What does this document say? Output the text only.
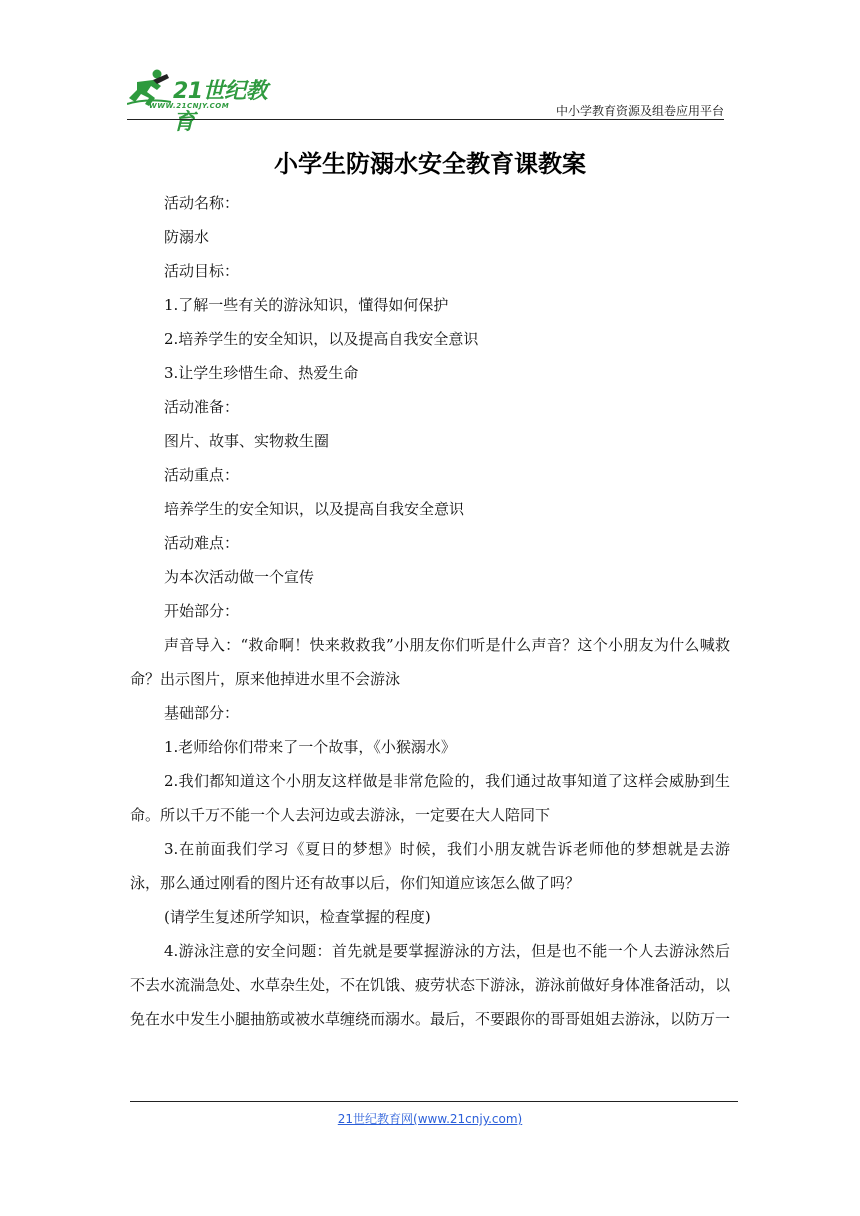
21世纪教育
WWW.21CNJY.COM	中小学教育资源及组卷应用平台
小学生防溺水安全教育课教案

活动名称：

防溺水

活动目标：

1.了解一些有关的游泳知识，懂得如何保护

2.培养学生的安全知识，以及提高自我安全意识

3.让学生珍惜生命、热爱生命

活动准备：

图片、故事、实物救生圈

活动重点：

培养学生的安全知识，以及提高自我安全意识

活动难点：

为本次活动做一个宣传

开始部分：

声音导入：“救命啊！快来救救我”小朋友你们听是什么声音？这个小朋友为什么喊救命？出示图片，原来他掉进水里不会游泳

基础部分：

1.老师给你们带来了一个故事，《小猴溺水》

2.我们都知道这个小朋友这样做是非常危险的，我们通过故事知道了这样会威胁到生命。所以千万不能一个人去河边或去游泳，一定要在大人陪同下

3.在前面我们学习《夏日的梦想》时候，我们小朋友就告诉老师他的梦想就是去游泳，那么通过刚看的图片还有故事以后，你们知道应该怎么做了吗？

(请学生复述所学知识，检查掌握的程度)

4.游泳注意的安全问题：首先就是要掌握游泳的方法，但是也不能一个人去游泳然后不去水流湍急处、水草杂生处，不在饥饿、疲劳状态下游泳，游泳前做好身体准备活动，以免在水中发生小腿抽筋或被水草缠绕而溺水。最后，不要跟你的哥哥姐姐去游泳，以防万一

21世纪教育网(www.21cnjy.com)
